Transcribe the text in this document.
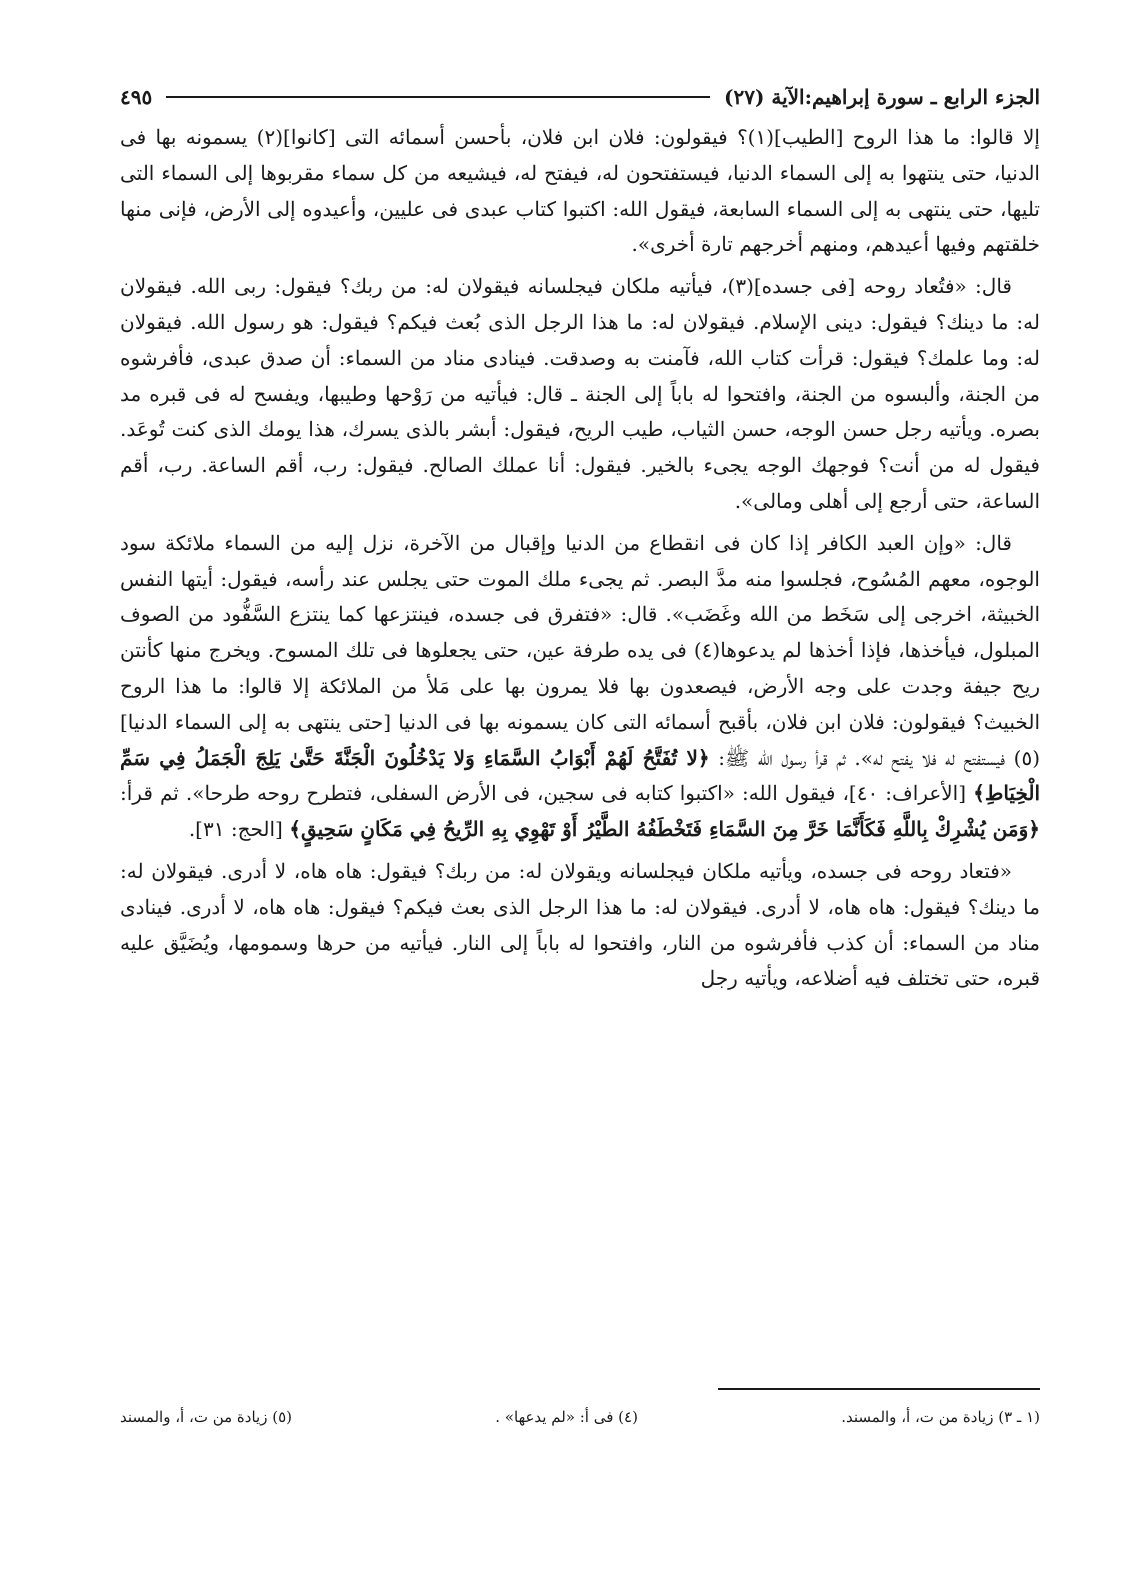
الجزء الرابع ـ سورة إبراهيم:الآية (٢٧)
٤٩٥

إلا قالوا: ما هذا الروح [الطيب](١)؟ فيقولون: فلان ابن فلان، بأحسن أسمائه التى [كانوا](٢) يسمونه بها فى الدنيا، حتى ينتهوا به إلى السماء الدنيا، فيستفتحون له، فيفتح له، فيشيعه من كل سماء مقربوها إلى السماء التى تليها، حتى ينتهى به إلى السماء السابعة، فيقول الله: اكتبوا كتاب عبدى فى عليين، وأعيدوه إلى الأرض، فإنى منها خلقتهم وفيها أعيدهم، ومنهم أخرجهم تارة أخرى».

قال: «فتُعاد روحه [فى جسده](٣)، فيأتيه ملكان فيجلسانه فيقولان له: من ربك؟ فيقول: ربى الله. فيقولان له: ما دينك؟ فيقول: دينى الإسلام. فيقولان له: ما هذا الرجل الذى بُعث فيكم؟ فيقول: هو رسول الله. فيقولان له: وما علمك؟ فيقول: قرأت كتاب الله، فآمنت به وصدقت. فينادى مناد من السماء: أن صدق عبدى، فأفرشوه من الجنة، وألبسوه من الجنة، وافتحوا له باباً إلى الجنة ـ قال: فيأتيه من رَوْحها وطيبها، ويفسح له فى قبره مد بصره. ويأتيه رجل حسن الوجه، حسن الثياب، طيب الريح، فيقول: أبشر بالذى يسرك، هذا يومك الذى كنت تُوعَد. فيقول له من أنت؟ فوجهك الوجه يجىء بالخير. فيقول: أنا عملك الصالح. فيقول: رب، أقم الساعة. رب، أقم الساعة، حتى أرجع إلى أهلى ومالى».

قال: «وإن العبد الكافر إذا كان فى انقطاع من الدنيا وإقبال من الآخرة، نزل إليه من السماء ملائكة سود الوجوه، معهم المُسُوح، فجلسوا منه مدَّ البصر. ثم يجىء ملك الموت حتى يجلس عند رأسه، فيقول: أيتها النفس الخبيثة، اخرجى إلى سَخَط من الله وغَضَب». قال: «فتفرق فى جسده، فينتزعها كما ينتزع السَّفُّود من الصوف المبلول، فيأخذها، فإذا أخذها لم يدعوها(٤) فى يده طرفة عين، حتى يجعلوها فى تلك المسوح. ويخرج منها كأنتن ريح جيفة وجدت على وجه الأرض، فيصعدون بها فلا يمرون بها على مَلأ من الملائكة إلا قالوا: ما هذا الروح الخبيث؟ فيقولون: فلان ابن فلان، بأقبح أسمائه التى كان يسمونه بها فى الدنيا [حتى ينتهى به إلى السماء الدنيا](٥) فيستفتح له فلا يفتح له». ثم قرأ رسول الله ﷺ: ﴿لا تُفَتَّحُ لَهُمْ أَبْوَابُ السَّمَاءِ وَلا يَدْخُلُونَ الْجَنَّةَ حَتَّىٰ يَلِجَ الْجَمَلُ فِي سَمِّ الْخِيَاطِ﴾ [الأعراف: ٤٠]، فيقول الله: «اكتبوا كتابه فى سجين، فى الأرض السفلى، فتطرح روحه طرحا». ثم قرأ: ﴿وَمَن يُشْرِكْ بِاللَّهِ فَكَأَنَّمَا خَرَّ مِنَ السَّمَاءِ فَتَخْطَفُهُ الطَّيْرُ أَوْ تَهْوِي بِهِ الرِّيحُ فِي مَكَانٍ سَحِيقٍ﴾ [الحج: ٣١].

«فتعاد روحه فى جسده، ويأتيه ملكان فيجلسانه ويقولان له: من ربك؟ فيقول: هاه هاه، لا أدرى. فيقولان له: ما دينك؟ فيقول: هاه هاه، لا أدرى. فيقولان له: ما هذا الرجل الذى بعث فيكم؟ فيقول: هاه هاه، لا أدرى. فينادى مناد من السماء: أن كذب فأفرشوه من النار، وافتحوا له باباً إلى النار. فيأتيه من حرها وسمومها، ويُضَيَّق عليه قبره، حتى تختلف فيه أضلاعه، ويأتيه رجل

(١ ـ ٣) زيادة من ت، أ، والمسند.
(٤) فى أ: «لم يدعها» .
(٥) زيادة من ت، أ، والمسند
